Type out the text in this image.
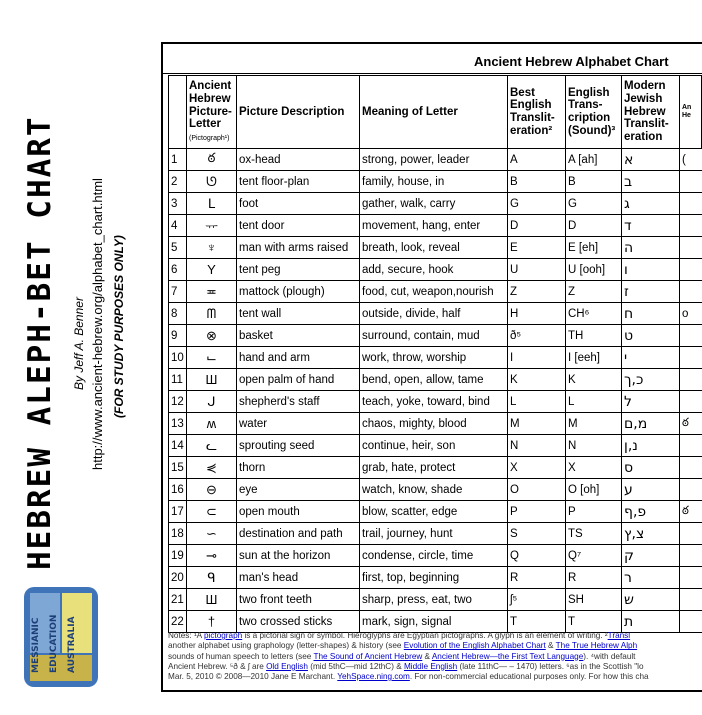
HEBREW ALEPH-BET CHART By Jeff A. Benner http://www.ancient-hebrew.org/alphabet_chart.html (FOR STUDY PURPOSES ONLY)
MESSIANIC EDUCATION AUSTRALIA
Ancient Hebrew Alphabet Chart
	Ancient Hebrew Picture-Letter
(Pictograph¹)	Picture Description	Meaning of Letter	Best English Translit-eration²	English Trans-cription (Sound)³	Modern Jewish Hebrew Translit-eration	An He
1	ఠ	ox-head	strong, power, leader	A	A [ah]	א	(
2	ᘎ	tent floor-plan	family, house, in	B	B	ב	
3	ᒪ	foot	gather, walk, carry	G	G	ג	
4	ᅲ	tent door	movement, hang, enter	D	D	ד	
5	♆	man with arms raised	breath, look, reveal	E	E [eh]	ה	
6	Y	tent peg	add, secure, hook	U	U [ooh]	ו	
7	≖	mattock (plough)	food, cut, weapon,nourish	Z	Z	ז	
8	ᗰ	tent wall	outside, divide, half	H	CH⁶	ח	o
9	⊗	basket	surround, contain, mud	ð⁵	TH	ט	
10	⌙	hand and arm	work, throw, worship	I	I [eeh]	י	
11	Ш	open palm of hand	bend, open, allow, tame	K	K	כ,ך	
12	ᒍ	shepherd's staff	teach, yoke, toward, bind	L	L	ל	
13	ʍ	water	chaos, mighty, blood	M	M	מ,ם	ఠ
14	ᓚ	sprouting seed	continue, heir, son	N	N	נ,ן	
15	⋞	thorn	grab, hate, protect	X	X	ס	
16	⊖	eye	watch, know, shade	O	O [oh]	ע	
17	⊂	open mouth	blow, scatter, edge	P	P	פ,ף	ఠ
18	∽	destination and path	trail, journey, hunt	S	TS	צ,ץ	
19	⊸	sun at the horizon	condense, circle, time	Q	Q⁷	ק	
20	ᑫ	man's head	first, top, beginning	R	R	ר	
21	Ш	two front teeth	sharp, press, eat, two	ʃ⁵	SH	ש	
22	†	two crossed sticks	mark, sign, signal	T	T	ת	
Notes: ¹A pictograph is a pictorial sign or symbol. Hieroglyphs are Egyptian pictographs. A glyph is an element of writing. ²Transl
another alphabet using graphology (letter-shapes) & history (see Evolution of the English Alphabet Chart & The True Hebrew Alph
sounds of human speech to letters (see The Sound of Ancient Hebrew & Ancient Hebrew—the First Text Language). ⁴with default
Ancient Hebrew. ⁵ð & ʃ are Old English (mid 5thC—mid 12thC) & Middle English (late 11thC— – 1470) letters. ⁶as in the Scottish "lo
Mar. 5, 2010 © 2008—2010 Jane E Marchant. YehSpace.ning.com. For non-commercial educational purposes only. For how this cha
